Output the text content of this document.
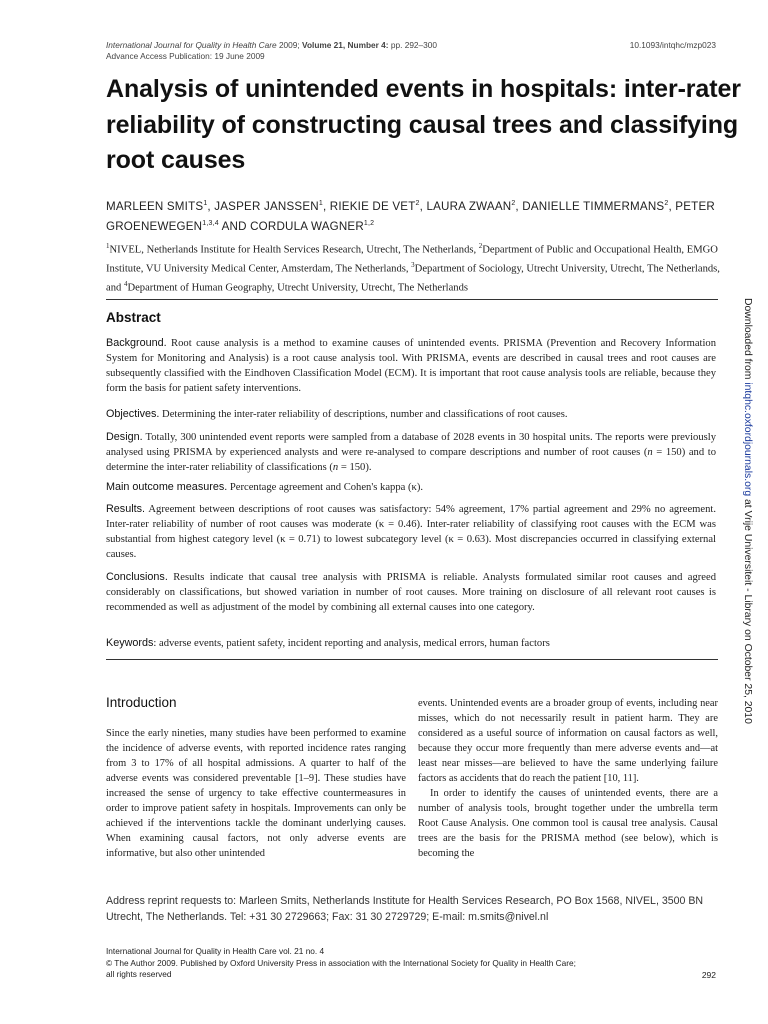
International Journal for Quality in Health Care 2009; Volume 21, Number 4: pp. 292–300
Advance Access Publication: 19 June 2009
10.1093/intqhc/mzp023
Analysis of unintended events in hospitals: inter-rater reliability of constructing causal trees and classifying root causes
MARLEEN SMITS$^1$, JASPER JANSSEN$^1$, RIEKIE DE VET$^2$, LAURA ZWAAN$^2$, DANIELLE TIMMERMANS$^2$, PETER GROENEWEGEN$^{1,3,4}$ AND CORDULA WAGNER$^{1,2}$
$^1$NIVEL, Netherlands Institute for Health Services Research, Utrecht, The Netherlands, $^2$Department of Public and Occupational Health, EMGO Institute, VU University Medical Center, Amsterdam, The Netherlands, $^3$Department of Sociology, Utrecht University, Utrecht, The Netherlands, and $^4$Department of Human Geography, Utrecht University, Utrecht, The Netherlands
Abstract
Background. Root cause analysis is a method to examine causes of unintended events. PRISMA (Prevention and Recovery Information System for Monitoring and Analysis) is a root cause analysis tool. With PRISMA, events are described in causal trees and root causes are subsequently classified with the Eindhoven Classification Model (ECM). It is important that root cause analysis tools are reliable, because they form the basis for patient safety interventions.
Objectives. Determining the inter-rater reliability of descriptions, number and classifications of root causes.
Design. Totally, 300 unintended event reports were sampled from a database of 2028 events in 30 hospital units. The reports were previously analysed using PRISMA by experienced analysts and were re-analysed to compare descriptions and number of root causes (n = 150) and to determine the inter-rater reliability of classifications (n = 150).
Main outcome measures. Percentage agreement and Cohen's kappa (κ).
Results. Agreement between descriptions of root causes was satisfactory: 54% agreement, 17% partial agreement and 29% no agreement. Inter-rater reliability of number of root causes was moderate (κ = 0.46). Inter-rater reliability of classifying root causes with the ECM was substantial from highest category level (κ = 0.71) to lowest subcategory level (κ = 0.63). Most discrepancies occurred in classifying external causes.
Conclusions. Results indicate that causal tree analysis with PRISMA is reliable. Analysts formulated similar root causes and agreed considerably on classifications, but showed variation in number of root causes. More training on disclosure of all relevant root causes is recommended as well as adjustment of the model by combining all external causes into one category.
Keywords: adverse events, patient safety, incident reporting and analysis, medical errors, human factors
Introduction

Since the early nineties, many studies have been performed to examine the incidence of adverse events, with reported incidence rates ranging from 3 to 17% of all hospital admissions. A quarter to half of the adverse events was considered preventable [1–9]. These studies have increased the sense of urgency to take effective countermeasures in order to improve patient safety in hospitals. Improvements can only be achieved if the interventions tackle the dominant underlying causes. When examining causal factors, not only adverse events are informative, but also other unintended

events. Unintended events are a broader group of events, including near misses, which do not necessarily result in patient harm. They are considered as a useful source of information on causal factors as well, because they occur more frequently than mere adverse events and—at least near misses—are believed to have the same underlying failure factors as accidents that do reach the patient [10, 11].

In order to identify the causes of unintended events, there are a number of analysis tools, brought together under the umbrella term Root Cause Analysis. One common tool is causal tree analysis. Causal trees are the basis for the PRISMA method (see below), which is becoming the

Address reprint requests to: Marleen Smits, Netherlands Institute for Health Services Research, PO Box 1568, NIVEL, 3500 BN Utrecht, The Netherlands. Tel: +31 30 2729663; Fax: 31 30 2729729; E-mail: m.smits@nivel.nl
International Journal for Quality in Health Care vol. 21 no. 4
© The Author 2009. Published by Oxford University Press in association with the International Society for Quality in Health Care;
all rights reserved	292
Downloaded from intqhc.oxfordjournals.org at Vrije Universiteit - Library on October 25, 2010
